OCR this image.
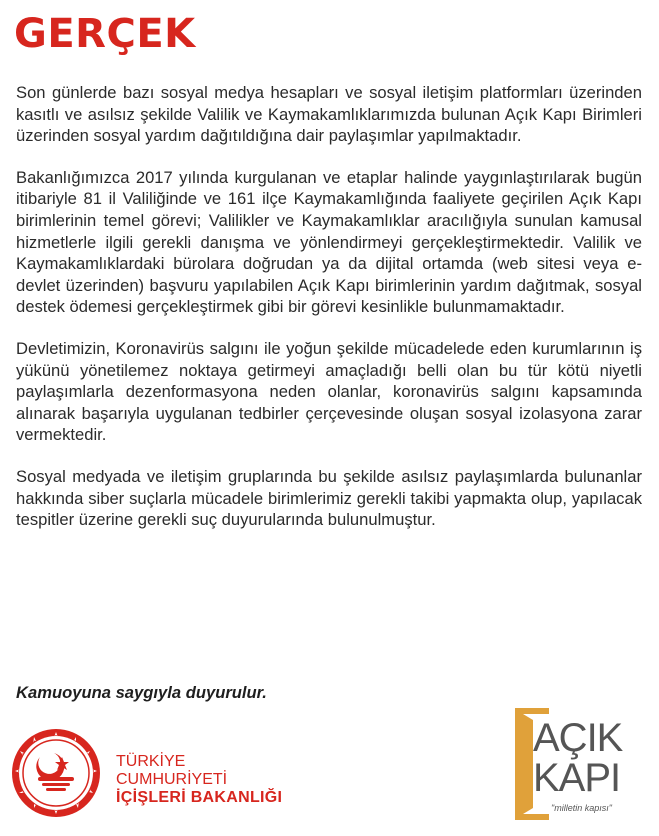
GERÇEK

Son günlerde bazı sosyal medya hesapları ve sosyal iletişim platformları üzerinden kasıtlı ve asılsız şekilde Valilik ve Kaymakamlıklarımızda bulunan Açık Kapı Birimleri üzerinden sosyal yardım dağıtıldığına dair paylaşımlar yapılmaktadır.

Bakanlığımızca 2017 yılında kurgulanan ve etaplar halinde yaygınlaştırılarak bugün itibariyle 81 il Valiliğinde ve 161 ilçe Kaymakamlığında faaliyete geçirilen Açık Kapı birimlerinin temel görevi; Valilikler ve Kaymakamlıklar aracılığıyla sunulan kamusal hizmetlerle ilgili gerekli danışma ve yönlendirmeyi gerçekleştirmektedir. Valilik ve Kaymakamlıklardaki bürolara doğrudan ya da dijital ortamda (web sitesi veya e-devlet üzerinden) başvuru yapılabilen Açık Kapı birimlerinin yardım dağıtmak, sosyal destek ödemesi gerçekleştirmek gibi bir görevi kesinlikle bulunmamaktadır.

Devletimizin, Koronavirüs salgını ile yoğun şekilde mücadelede eden kurumlarının iş yükünü yönetilemez noktaya getirmeyi amaçladığı belli olan bu tür kötü niyetli paylaşımlarla dezenformasyona neden olanlar, koronavirüs salgını kapsamında alınarak başarıyla uygulanan tedbirler çerçevesinde oluşan sosyal izolasyona zarar vermektedir.

Sosyal medyada ve iletişim gruplarında bu şekilde asılsız paylaşımlarda bulunanlar hakkında siber suçlarla mücadele birimlerimiz gerekli takibi yapmakta olup, yapılacak tespitler üzerine gerekli suç duyurularında bulunulmuştur.

Kamuoyuna saygıyla duyurulur.
TÜRKİYE CUMHURİYETİ
İÇİŞLERİ BAKANLIĞI
AÇIK
KAPI
"milletin kapısı"
